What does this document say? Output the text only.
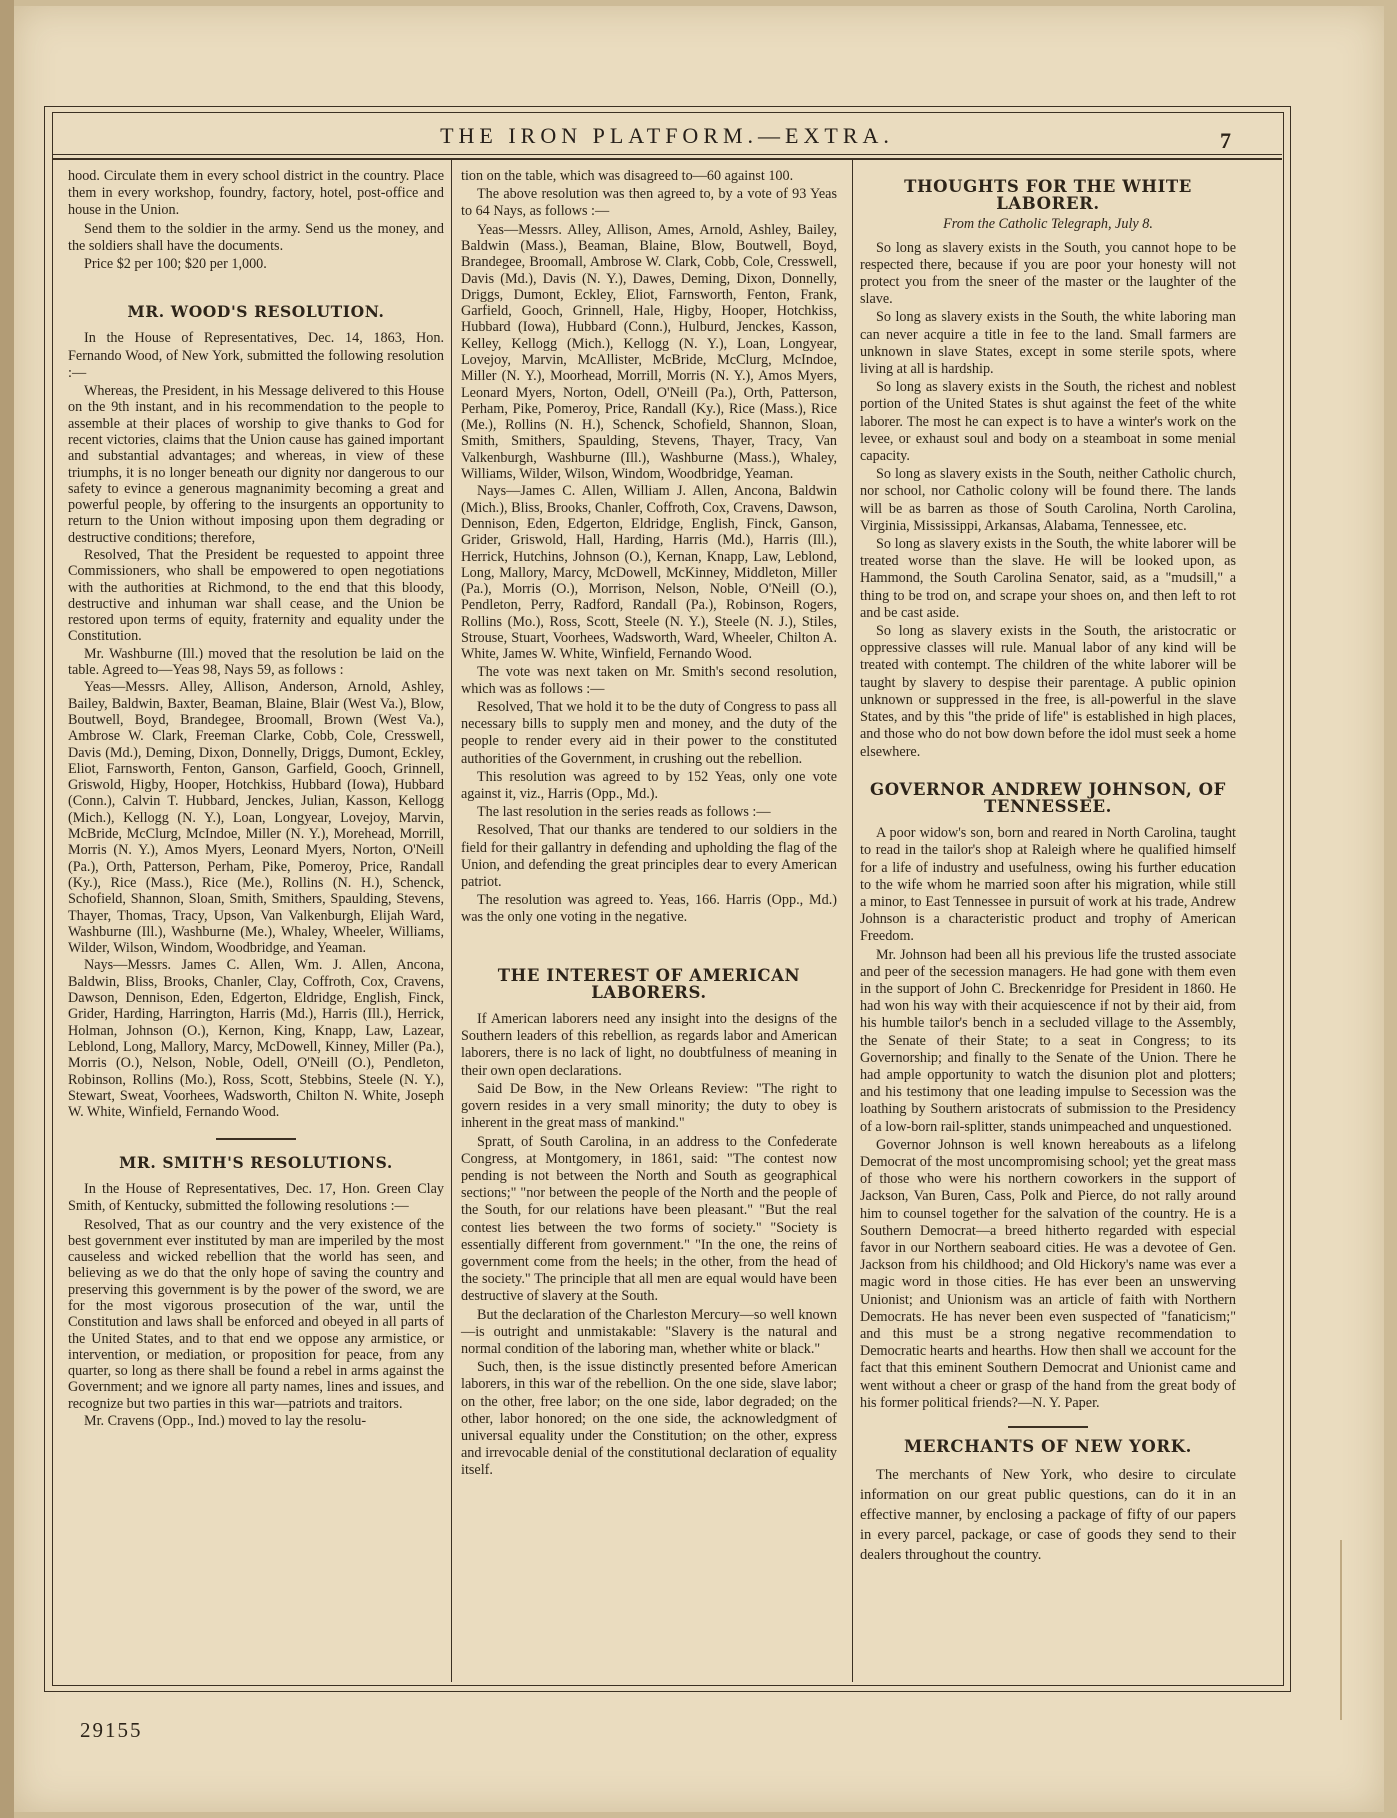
THE IRON PLATFORM.—EXTRA.	7

hood. Circulate them in every school district in the country. Place them in every workshop, foundry, factory, hotel, post-office and house in the Union.

Send them to the soldier in the army. Send us the money, and the soldiers shall have the documents.

Price $2 per 100; $20 per 1,000.

MR. WOOD'S RESOLUTION.

In the House of Representatives, Dec. 14, 1863, Hon. Fernando Wood, of New York, submitted the following resolution :—

Whereas, the President, in his Message delivered to this House on the 9th instant, and in his recommendation to the people to assemble at their places of worship to give thanks to God for recent victories, claims that the Union cause has gained important and substantial advantages; and whereas, in view of these triumphs, it is no longer beneath our dignity nor dangerous to our safety to evince a generous magnanimity becoming a great and powerful people, by offering to the insurgents an opportunity to return to the Union without imposing upon them degrading or destructive conditions; therefore,

Resolved, That the President be requested to appoint three Commissioners, who shall be empowered to open negotiations with the authorities at Richmond, to the end that this bloody, destructive and inhuman war shall cease, and the Union be restored upon terms of equity, fraternity and equality under the Constitution.

Mr. Washburne (Ill.) moved that the resolution be laid on the table. Agreed to—Yeas 98, Nays 59, as follows :

Yeas—Messrs. Alley, Allison, Anderson, Arnold, Ashley, Bailey, Baldwin, Baxter, Beaman, Blaine, Blair (West Va.), Blow, Boutwell, Boyd, Brandegee, Broomall, Brown (West Va.), Ambrose W. Clark, Freeman Clarke, Cobb, Cole, Cresswell, Davis (Md.), Deming, Dixon, Donnelly, Driggs, Dumont, Eckley, Eliot, Farnsworth, Fenton, Ganson, Garfield, Gooch, Grinnell, Griswold, Higby, Hooper, Hotchkiss, Hubbard (Iowa), Hubbard (Conn.), Calvin T. Hubbard, Jenckes, Julian, Kasson, Kellogg (Mich.), Kellogg (N. Y.), Loan, Longyear, Lovejoy, Marvin, McBride, McClurg, McIndoe, Miller (N. Y.), Morehead, Morrill, Morris (N. Y.), Amos Myers, Leonard Myers, Norton, O'Neill (Pa.), Orth, Patterson, Perham, Pike, Pomeroy, Price, Randall (Ky.), Rice (Mass.), Rice (Me.), Rollins (N. H.), Schenck, Schofield, Shannon, Sloan, Smith, Smithers, Spaulding, Stevens, Thayer, Thomas, Tracy, Upson, Van Valkenburgh, Elijah Ward, Washburne (Ill.), Washburne (Me.), Whaley, Wheeler, Williams, Wilder, Wilson, Windom, Woodbridge, and Yeaman.

Nays—Messrs. James C. Allen, Wm. J. Allen, Ancona, Baldwin, Bliss, Brooks, Chanler, Clay, Coffroth, Cox, Cravens, Dawson, Dennison, Eden, Edgerton, Eldridge, English, Finck, Grider, Harding, Harrington, Harris (Md.), Harris (Ill.), Herrick, Holman, Johnson (O.), Kernon, King, Knapp, Law, Lazear, Leblond, Long, Mallory, Marcy, McDowell, Kinney, Miller (Pa.), Morris (O.), Nelson, Noble, Odell, O'Neill (O.), Pendleton, Robinson, Rollins (Mo.), Ross, Scott, Stebbins, Steele (N. Y.), Stewart, Sweat, Voorhees, Wadsworth, Chilton N. White, Joseph W. White, Winfield, Fernando Wood.

MR. SMITH'S RESOLUTIONS.

In the House of Representatives, Dec. 17, Hon. Green Clay Smith, of Kentucky, submitted the following resolutions :—

Resolved, That as our country and the very existence of the best government ever instituted by man are imperiled by the most causeless and wicked rebellion that the world has seen, and believing as we do that the only hope of saving the country and preserving this government is by the power of the sword, we are for the most vigorous prosecution of the war, until the Constitution and laws shall be enforced and obeyed in all parts of the United States, and to that end we oppose any armistice, or intervention, or mediation, or proposition for peace, from any quarter, so long as there shall be found a rebel in arms against the Government; and we ignore all party names, lines and issues, and recognize but two parties in this war—patriots and traitors.

Mr. Cravens (Opp., Ind.) moved to lay the resolu-

tion on the table, which was disagreed to—60 against 100.

The above resolution was then agreed to, by a vote of 93 Yeas to 64 Nays, as follows :—

Yeas—Messrs. Alley, Allison, Ames, Arnold, Ashley, Bailey, Baldwin (Mass.), Beaman, Blaine, Blow, Boutwell, Boyd, Brandegee, Broomall, Ambrose W. Clark, Cobb, Cole, Cresswell, Davis (Md.), Davis (N. Y.), Dawes, Deming, Dixon, Donnelly, Driggs, Dumont, Eckley, Eliot, Farnsworth, Fenton, Frank, Garfield, Gooch, Grinnell, Hale, Higby, Hooper, Hotchkiss, Hubbard (Iowa), Hubbard (Conn.), Hulburd, Jenckes, Kasson, Kelley, Kellogg (Mich.), Kellogg (N. Y.), Loan, Longyear, Lovejoy, Marvin, McAllister, McBride, McClurg, McIndoe, Miller (N. Y.), Moorhead, Morrill, Morris (N. Y.), Amos Myers, Leonard Myers, Norton, Odell, O'Neill (Pa.), Orth, Patterson, Perham, Pike, Pomeroy, Price, Randall (Ky.), Rice (Mass.), Rice (Me.), Rollins (N. H.), Schenck, Schofield, Shannon, Sloan, Smith, Smithers, Spaulding, Stevens, Thayer, Tracy, Van Valkenburgh, Washburne (Ill.), Washburne (Mass.), Whaley, Williams, Wilder, Wilson, Windom, Woodbridge, Yeaman.

Nays—James C. Allen, William J. Allen, Ancona, Baldwin (Mich.), Bliss, Brooks, Chanler, Coffroth, Cox, Cravens, Dawson, Dennison, Eden, Edgerton, Eldridge, English, Finck, Ganson, Grider, Griswold, Hall, Harding, Harris (Md.), Harris (Ill.), Herrick, Hutchins, Johnson (O.), Kernan, Knapp, Law, Leblond, Long, Mallory, Marcy, McDowell, McKinney, Middleton, Miller (Pa.), Morris (O.), Morrison, Nelson, Noble, O'Neill (O.), Pendleton, Perry, Radford, Randall (Pa.), Robinson, Rogers, Rollins (Mo.), Ross, Scott, Steele (N. Y.), Steele (N. J.), Stiles, Strouse, Stuart, Voorhees, Wadsworth, Ward, Wheeler, Chilton A. White, James W. White, Winfield, Fernando Wood.

The vote was next taken on Mr. Smith's second resolution, which was as follows :—

Resolved, That we hold it to be the duty of Congress to pass all necessary bills to supply men and money, and the duty of the people to render every aid in their power to the constituted authorities of the Government, in crushing out the rebellion.

This resolution was agreed to by 152 Yeas, only one vote against it, viz., Harris (Opp., Md.).

The last resolution in the series reads as follows :—

Resolved, That our thanks are tendered to our soldiers in the field for their gallantry in defending and upholding the flag of the Union, and defending the great principles dear to every American patriot.

The resolution was agreed to. Yeas, 166. Harris (Opp., Md.) was the only one voting in the negative.

THE INTEREST OF AMERICAN LABORERS.

If American laborers need any insight into the designs of the Southern leaders of this rebellion, as regards labor and American laborers, there is no lack of light, no doubtfulness of meaning in their own open declarations.

Said De Bow, in the New Orleans Review: "The right to govern resides in a very small minority; the duty to obey is inherent in the great mass of mankind."

Spratt, of South Carolina, in an address to the Confederate Congress, at Montgomery, in 1861, said: "The contest now pending is not between the North and South as geographical sections;" "nor between the people of the North and the people of the South, for our relations have been pleasant." "But the real contest lies between the two forms of society." "Society is essentially different from government." "In the one, the reins of government come from the heels; in the other, from the head of the society." The principle that all men are equal would have been destructive of slavery at the South.

But the declaration of the Charleston Mercury—so well known—is outright and unmistakable: "Slavery is the natural and normal condition of the laboring man, whether white or black."

Such, then, is the issue distinctly presented before American laborers, in this war of the rebellion. On the one side, slave labor; on the other, free labor; on the one side, labor degraded; on the other, labor honored; on the one side, the acknowledgment of universal equality under the Constitution; on the other, express and irrevocable denial of the constitutional declaration of equality itself.

THOUGHTS FOR THE WHITE LABORER.
From the Catholic Telegraph, July 8.

So long as slavery exists in the South, you cannot hope to be respected there, because if you are poor your honesty will not protect you from the sneer of the master or the laughter of the slave.

So long as slavery exists in the South, the white laboring man can never acquire a title in fee to the land. Small farmers are unknown in slave States, except in some sterile spots, where living at all is hardship.

So long as slavery exists in the South, the richest and noblest portion of the United States is shut against the feet of the white laborer. The most he can expect is to have a winter's work on the levee, or exhaust soul and body on a steamboat in some menial capacity.

So long as slavery exists in the South, neither Catholic church, nor school, nor Catholic colony will be found there. The lands will be as barren as those of South Carolina, North Carolina, Virginia, Mississippi, Arkansas, Alabama, Tennessee, etc.

So long as slavery exists in the South, the white laborer will be treated worse than the slave. He will be looked upon, as Hammond, the South Carolina Senator, said, as a "mudsill," a thing to be trod on, and scrape your shoes on, and then left to rot and be cast aside.

So long as slavery exists in the South, the aristocratic or oppressive classes will rule. Manual labor of any kind will be treated with contempt. The children of the white laborer will be taught by slavery to despise their parentage. A public opinion unknown or suppressed in the free, is all-powerful in the slave States, and by this "the pride of life" is established in high places, and those who do not bow down before the idol must seek a home elsewhere.

GOVERNOR ANDREW JOHNSON, OF TENNESSEE.

A poor widow's son, born and reared in North Carolina, taught to read in the tailor's shop at Raleigh where he qualified himself for a life of industry and usefulness, owing his further education to the wife whom he married soon after his migration, while still a minor, to East Tennessee in pursuit of work at his trade, Andrew Johnson is a characteristic product and trophy of American Freedom.

Mr. Johnson had been all his previous life the trusted associate and peer of the secession managers. He had gone with them even in the support of John C. Breckenridge for President in 1860. He had won his way with their acquiescence if not by their aid, from his humble tailor's bench in a secluded village to the Assembly, the Senate of their State; to a seat in Congress; to its Governorship; and finally to the Senate of the Union. There he had ample opportunity to watch the disunion plot and plotters; and his testimony that one leading impulse to Secession was the loathing by Southern aristocrats of submission to the Presidency of a low-born rail-splitter, stands unimpeached and unquestioned.

Governor Johnson is well known hereabouts as a lifelong Democrat of the most uncompromising school; yet the great mass of those who were his northern coworkers in the support of Jackson, Van Buren, Cass, Polk and Pierce, do not rally around him to counsel together for the salvation of the country. He is a Southern Democrat—a breed hitherto regarded with especial favor in our Northern seaboard cities. He was a devotee of Gen. Jackson from his childhood; and Old Hickory's name was ever a magic word in those cities. He has ever been an unswerving Unionist; and Unionism was an article of faith with Northern Democrats. He has never been even suspected of "fanaticism;" and this must be a strong negative recommendation to Democratic hearts and hearths. How then shall we account for the fact that this eminent Southern Democrat and Unionist came and went without a cheer or grasp of the hand from the great body of his former political friends?—N. Y. Paper.

MERCHANTS OF NEW YORK.

The merchants of New York, who desire to circulate information on our great public questions, can do it in an effective manner, by enclosing a package of fifty of our papers in every parcel, package, or case of goods they send to their dealers throughout the country.

29155
